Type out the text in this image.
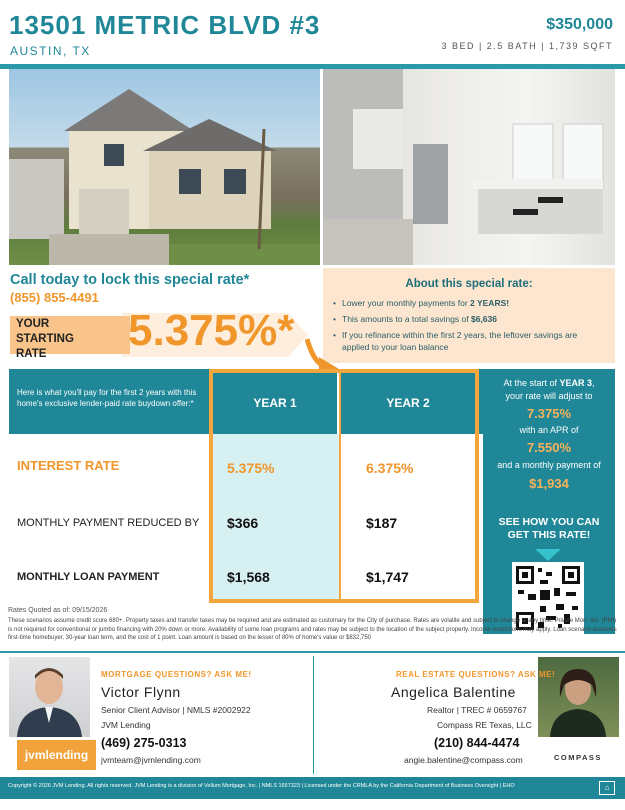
13501 METRIC BLVD #3
AUSTIN, TX
$350,000
3 BED | 2.5 BATH | 1,739 SQFT
Call today to lock this special rate*
(855) 855-4491
YOUR
STARTING
RATE	5.375%*
About this special rate:
• Lower your monthly payments for 2 YEARS!
• This amounts to a total savings of $6,636
• If you refinance within the first 2 years, the leftover savings are applied to your loan balance
Here is what you'll pay for the first 2 years with this home's exclusive lender-paid rate buydown offer:*	YEAR 1	YEAR 2
INTEREST RATE	5.375%	6.375%
MONTHLY PAYMENT REDUCED BY $366	$187
MONTHLY LOAN PAYMENT	$1,568	$1,747
At the start of YEAR 3,
your rate will adjust to
7.375%
with an APR of
7.550%
and a monthly payment of
$1,934
SEE HOW YOU CAN
GET THIS RATE!
Rates Quoted as of: 09/15/2026
These scenarios assume credit score 680+. Property taxes and transfer taxes may be required and are estimated as customary for the City of purchase. Rates are volatile and subject to change at any time. Private Mort. Ins. (PMI) is not required for conventional or jumbo financing with 20% down or more. Availability of some loan programs and rates may be subject to the location of the subject property. Income restrictions may apply. Loan scenario assumes first-time homebuyer, 30-year loan term, and the cost of 1 point. Loan amount is based on the lesser of 80% of home's value or $832,750
jvmlending
MORTGAGE QUESTIONS? ASK ME!
Victor Flynn
Senior Client Advisor | NMLS #2002922
JVM Lending
(469) 275-0313
jvmteam@jvmlending.com
REAL ESTATE QUESTIONS? ASK ME!
Angelica Balentine
Realtor | TREC # 0659767
Compass RE Texas, LLC
(210) 844-4474
angie.balentine@compass.com	COMPASS
Copyright © 2026 JVM Lending. All rights reserved. JVM Lending is a division of Vellum Mortgage, Inc. | NMLS 1657323 | Licensed under the CRMLA by the California Department of Business Oversight | EHO	⌂
